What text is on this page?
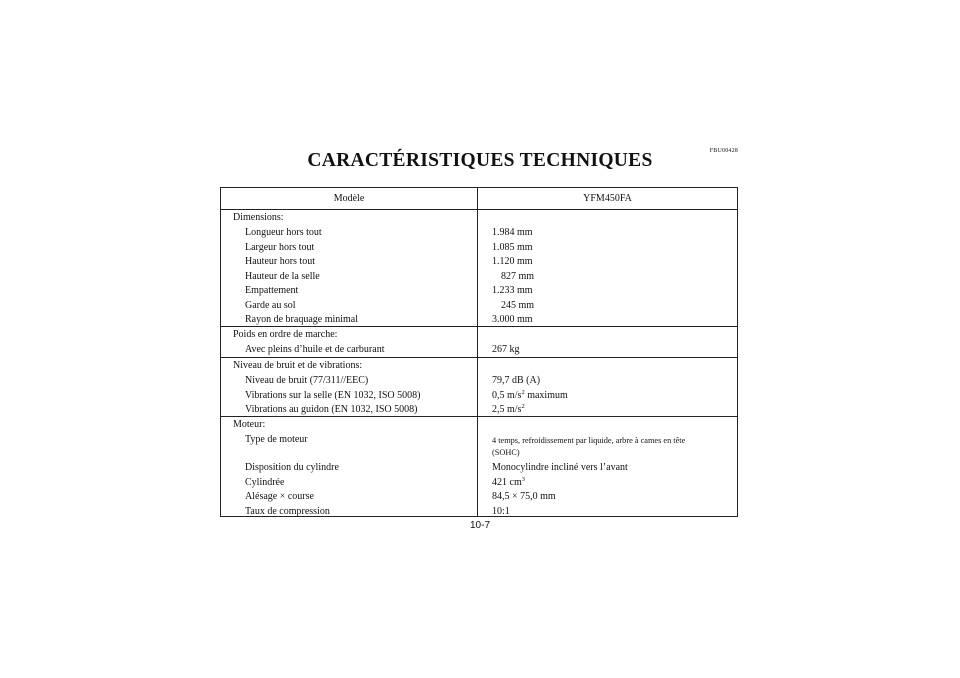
FBU00428
CARACTÉRISTIQUES TECHNIQUES
Modèle	YFM450FA
Dimensions:
Longueur hors tout	1.984 mm
Largeur hors tout	1.085 mm
Hauteur hors tout	1.120 mm
Hauteur de la selle	827 mm
Empattement	1.233 mm
Garde au sol	245 mm
Rayon de braquage minimal	3.000 mm
Poids en ordre de marche:
Avec pleins d’huile et de carburant	267 kg
Niveau de bruit et de vibrations:
Niveau de bruit (77/311//EEC)	79,7 dB (A)
Vibrations sur la selle (EN 1032, ISO 5008)	0,5 $m/s^2$ maximum
Vibrations au guidon (EN 1032, ISO 5008)	2,5 $m/s^2$
Moteur:
Type de moteur	4 temps, refroidissement par liquide, arbre à cames en tête
(SOHC)
Disposition du cylindre	Monocylindre incliné vers l’avant
Cylindrée	421 $cm^3$
Alésage × course	84,5 × 75,0 mm
Taux de compression	10:1
10-7
